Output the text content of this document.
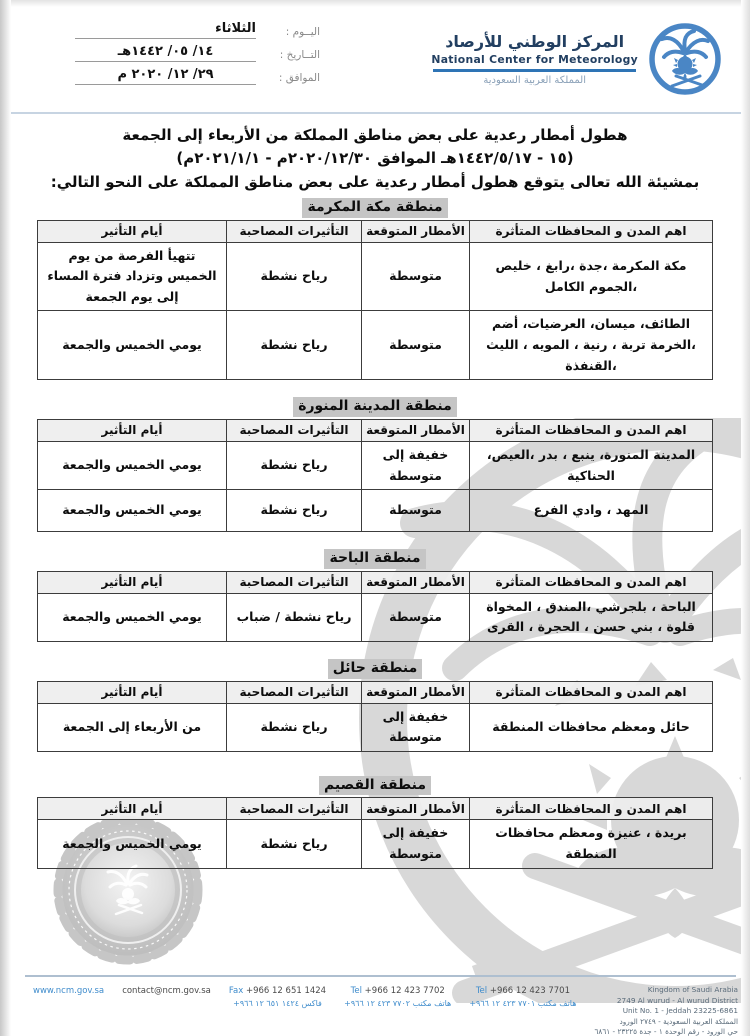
اليــوم :
الثلاثاء
التــاريخ :
١٤/ ٠٥/ ١٤٤٢هـ
الموافق :
٢٩/ ١٢/ ٢٠٢٠ م
المركز الوطني للأرصاد
National Center for Meteorology
المملكة العربية السعودية
هطول أمطار رعدية على بعض مناطق المملكة من الأربعاء إلى الجمعة
(١٥ - ١٤٤٢/٥/١٧هـ الموافق ٢٠٢٠/١٢/٣٠م - ٢٠٢١/١/١م)
بمشيئة الله تعالى يتوقع هطول أمطار رعدية على بعض مناطق المملكة على النحو التالي:
منطقة مكة المكرمة
اهم المدن و المحافظات المتأثرة	الأمطار المتوقعة	التأثيرات المصاحبة	أيام التأثير
مكة المكرمة ،جدة ،رابغ ، خليص ،الجموم الكامل	متوسطة	رياح نشطة	تتهيأ الفرصة من يوم الخميس وتزداد فترة المساء إلى يوم الجمعة
الطائف، ميسان، العرضيات، أضم ،الخرمة تربة ، رنية ، المويه ، الليث ،القنفذة	متوسطة	رياح نشطة	يومي الخميس والجمعة
منطقة المدينة المنورة
اهم المدن و المحافظات المتأثرة	الأمطار المتوقعة	التأثيرات المصاحبة	أيام التأثير
المدينة المنورة، ينبع ، بدر ،العيص، الحناكية	خفيفة إلى متوسطة	رياح نشطة	يومي الخميس والجمعة
المهد ، وادي الفرع	متوسطة	رياح نشطة	يومي الخميس والجمعة
منطقة الباحة
اهم المدن و المحافظات المتأثرة	الأمطار المتوقعة	التأثيرات المصاحبة	أيام التأثير
الباحة ، بلجرشي ،المندق ، المخواة قلوة ، بني حسن ، الحجرة ، القرى	متوسطة	رياح نشطة / ضباب	يومي الخميس والجمعة
منطقة حائل
اهم المدن و المحافظات المتأثرة	الأمطار المتوقعة	التأثيرات المصاحبة	أيام التأثير
حائل ومعظم محافظات المنطقة	خفيفة إلى متوسطة	رياح نشطة	من الأربعاء إلى الجمعة
منطقة القصيم
اهم المدن و المحافظات المتأثرة	الأمطار المتوقعة	التأثيرات المصاحبة	أيام التأثير
بريدة ، عنيزة ومعظم محافظات المنطقة	خفيفة إلى متوسطة	رياح نشطة	يومي الخميس والجمعة
www.ncm.gov.sa contact@ncm.gov.sa Fax +966 12 651 1424
فاكس ١٤٢٤ ٦٥١ ١٢ ٩٦٦+
Tel +966 12 423 7702
هاتف مكتب ٧٧٠٢ ٤٢٣ ١٢ ٩٦٦+
Tel +966 12 423 7701
هاتف مكتب ٧٧٠١ ٤٢٣ ١٢ ٩٦٦+
Kingdom of Saudi Arabia
2749 Al wurud - Al wurud District
Unit No. 1 - Jeddah 23225-6861
المملكة العربية السعودية - ٢٧٤٩ الورود
حي الورود - رقم الوحدة ١ - جدة ٢٣٢٢٥ - ٦٨٦١
